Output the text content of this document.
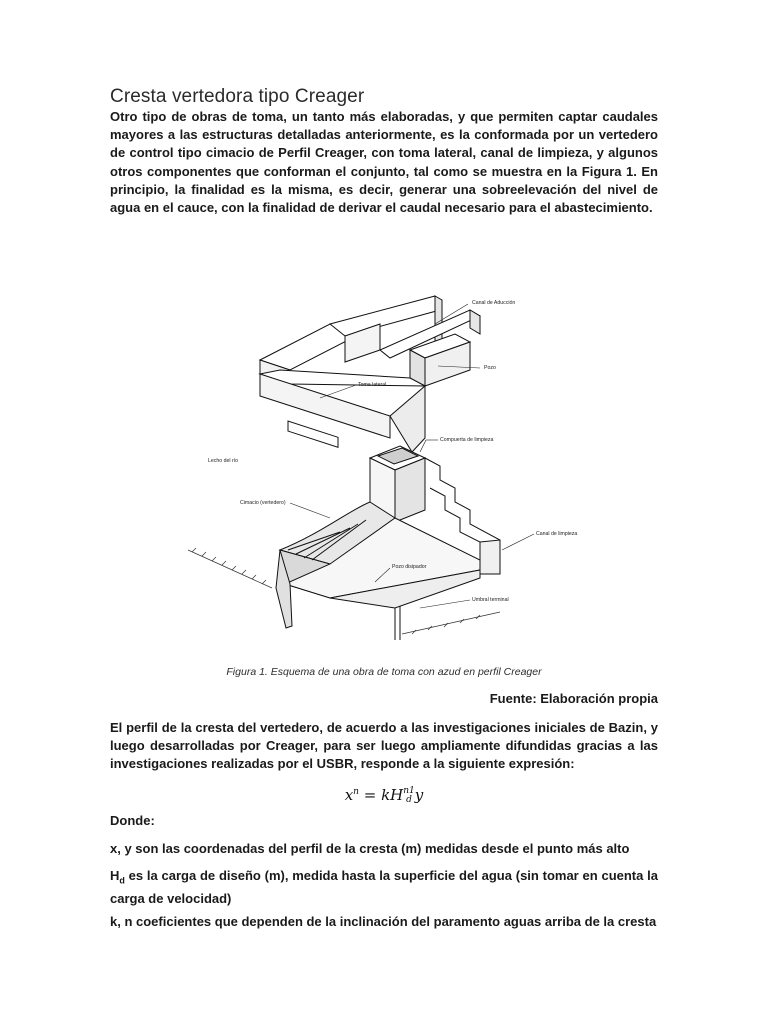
Cresta vertedora tipo Creager
Otro tipo de obras de toma, un tanto más elaboradas, y que permiten captar caudales mayores a las estructuras detalladas anteriormente, es la conformada por un vertedero de control tipo cimacio de Perfil Creager, con toma lateral, canal de limpieza, y algunos otros componentes que conforman el conjunto, tal como se muestra en la Figura 1. En principio, la finalidad es la misma, es decir, generar una sobreelevación del nivel de agua en el cauce, con la finalidad de derivar el caudal necesario para el abastecimiento.
Canal de Aducción
Pozo
Toma lateral
Compuerta de limpieza
Lecho del río
Cimacio (vertedero)
Canal de limpieza
Pozo disipador
Umbral terminal
Figura 1. Esquema de una obra de toma con azud en perfil Creager
Fuente: Elaboración propia
El perfil de la cresta del vertedero, de acuerdo a las investigaciones iniciales de Bazin, y luego desarrolladas por Creager, para ser luego ampliamente difundidas gracias a las investigaciones realizadas por el USBR, responde a la siguiente expresión:
$x^n$ = kH n1
d y
Donde:
x, y son las coordenadas del perfil de la cresta (m) medidas desde el punto más alto
$H_d$ es la carga de diseño (m), medida hasta la superficie del agua (sin tomar en cuenta la carga de velocidad)
k, n coeficientes que dependen de la inclinación del paramento aguas arriba de la cresta
